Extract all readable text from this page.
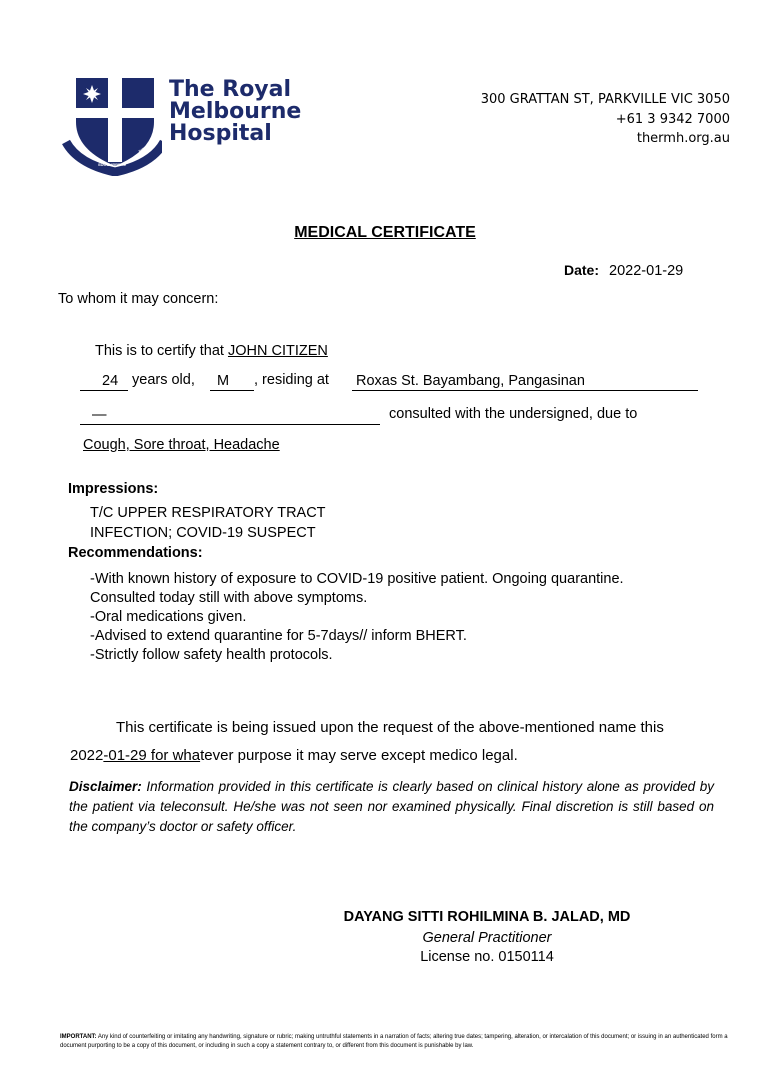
NEMINI
SUCCURRERE
DISCO
The Royal
Melbourne
Hospital
300 GRATTAN ST, PARKVILLE VIC 3050
+61 3 9342 7000
thermh.org.au
MEDICAL CERTIFICATE
Date: 2022-01-29
To whom it may concern:
This is to certify that JOHN CITIZEN
24 years old, M , residing at Roxas St. Bayambang, Pangasinan
—	consulted with the undersigned, due to
Cough, Sore throat, Headache
Impressions:
T/C UPPER RESPIRATORY TRACT
INFECTION; COVID-19 SUSPECT
Recommendations:
-With known history of exposure to COVID-19 positive patient. Ongoing quarantine.
Consulted today still with above symptoms.
-Oral medications given.
-Advised to extend quarantine for 5-7days// inform BHERT.
-Strictly follow safety health protocols.
This certificate is being issued upon the request of the above-mentioned name this
2022-01-29 for whatever purpose it may serve except medico legal.
Disclaimer: Information provided in this certificate is clearly based on clinical history alone as provided by the patient via teleconsult. He/she was not seen nor examined physically. Final discretion is still based on the company’s doctor or safety officer.
DAYANG SITTI ROHILMINA B. JALAD, MD
General Practitioner
License no. 0150114
IMPORTANT: Any kind of counterfeiting or imitating any handwriting, signature or rubric; making untruthful statements in a narration of facts; altering true dates; tampering, alteration, or intercalation of this document; or issuing in an authenticated form a document purporting to be a copy of this document, or including in such a copy a statement contrary to, or different from this document is punishable by law.
